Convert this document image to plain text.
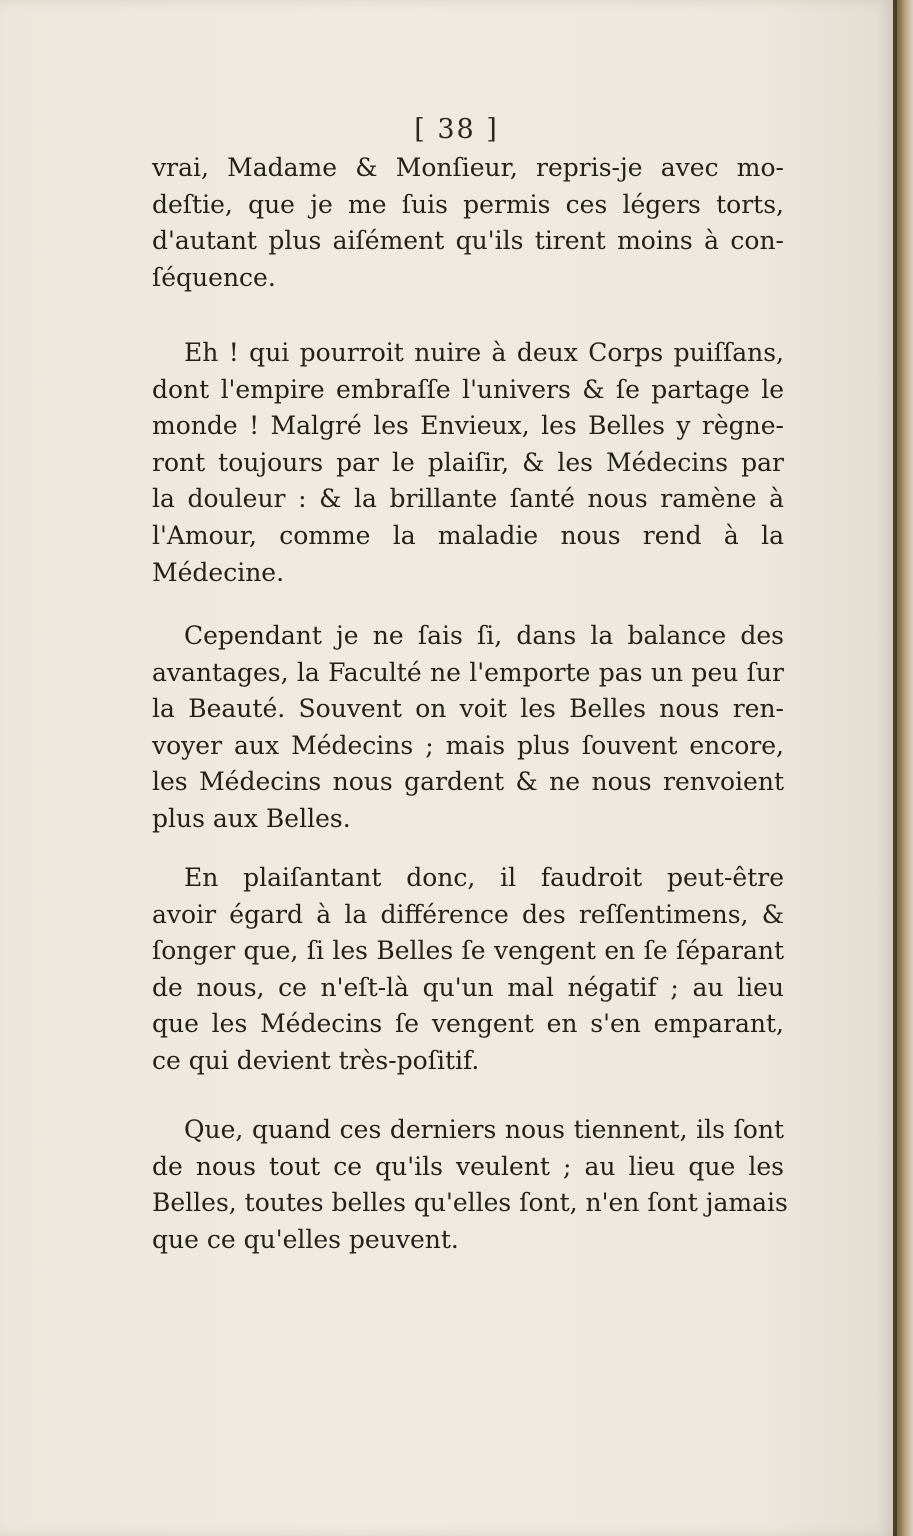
[ 38 ]
vrai, Madame & Monſieur, repris-je avec mo-
deſtie, que je me ſuis permis ces légers torts,
d'autant plus aiſément qu'ils tirent moins à con-
ſéquence.
Eh ! qui pourroit nuire à deux Corps puiſſans,
dont l'empire embraſſe l'univers & ſe partage le
monde ! Malgré les Envieux, les Belles y règne-
ront toujours par le plaiſir, & les Médecins par
la douleur : & la brillante ſanté nous ramène à
l'Amour, comme la maladie nous rend à la
Médecine.
Cependant je ne ſais ſi, dans la balance des
avantages, la Faculté ne l'emporte pas un peu ſur
la Beauté. Souvent on voit les Belles nous ren-
voyer aux Médecins ; mais plus ſouvent encore,
les Médecins nous gardent & ne nous renvoient
plus aux Belles.
En plaiſantant donc, il faudroit peut-être
avoir égard à la différence des reſſentimens, &
ſonger que, ſi les Belles ſe vengent en ſe ſéparant
de nous, ce n'eſt-là qu'un mal négatif ; au lieu
que les Médecins ſe vengent en s'en emparant,
ce qui devient très-poſitif.
Que, quand ces derniers nous tiennent, ils ſont
de nous tout ce qu'ils veulent ; au lieu que les
Belles, toutes belles qu'elles ſont, n'en ſont jamais
que ce qu'elles peuvent.
